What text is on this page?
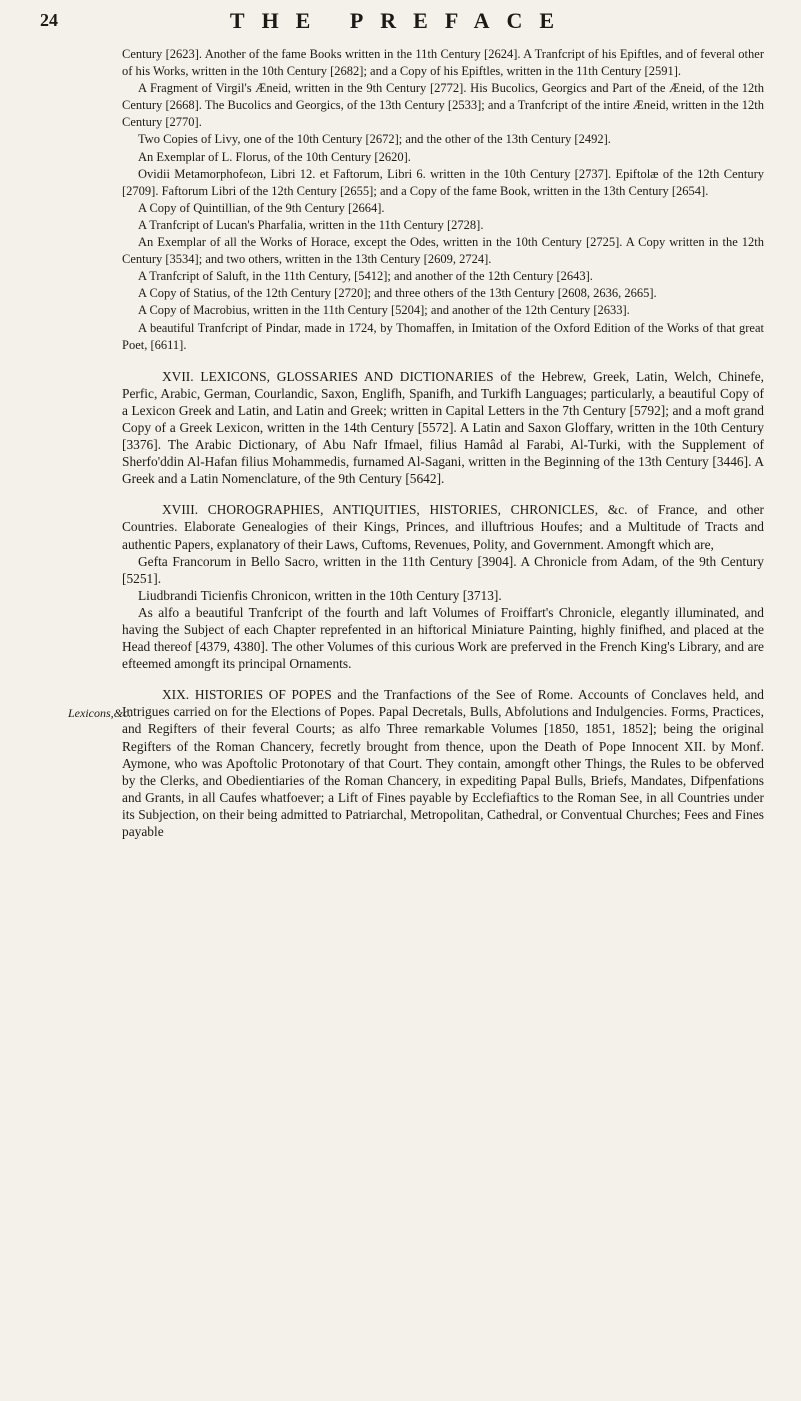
24	THE PREFACE
Lexicons,&c.

Century [2623]. Another of the fame Books written in the 11th Century [2624]. A Tranfcript of his Epiftles, and of feveral other of his Works, written in the 10th Century [2682]; and a Copy of his Epiftles, written in the 11th Century [2591].

A Fragment of Virgil's Æneid, written in the 9th Century [2772]. His Bucolics, Georgics and Part of the Æneid, of the 12th Century [2668]. The Bucolics and Georgics, of the 13th Century [2533]; and a Tranfcript of the intire Æneid, written in the 12th Century [2770].

Two Copies of Livy, one of the 10th Century [2672]; and the other of the 13th Century [2492].

An Exemplar of L. Florus, of the 10th Century [2620].

Ovidii Metamorphofeωn, Libri 12. et Faftorum, Libri 6. written in the 10th Century [2737]. Epiftolæ of the 12th Century [2709]. Faftorum Libri of the 12th Century [2655]; and a Copy of the fame Book, written in the 13th Century [2654].

A Copy of Quintillian, of the 9th Century [2664].

A Tranfcript of Lucan's Pharfalia, written in the 11th Century [2728].

An Exemplar of all the Works of Horace, except the Odes, written in the 10th Century [2725]. A Copy written in the 12th Century [3534]; and two others, written in the 13th Century [2609, 2724].

A Tranfcript of Saluft, in the 11th Century, [5412]; and another of the 12th Century [2643].

A Copy of Statius, of the 12th Century [2720]; and three others of the 13th Century [2608, 2636, 2665].

A Copy of Macrobius, written in the 11th Century [5204]; and another of the 12th Century [2633].

A beautiful Tranfcript of Pindar, made in 1724, by Thomaffen, in Imitation of the Oxford Edition of the Works of that great Poet, [6611].

XVII. LEXICONS, GLOSSARIES AND DICTIONARIES of the Hebrew, Greek, Latin, Welch, Chinefe, Perfic, Arabic, German, Courlandic, Saxon, Englifh, Spanifh, and Turkifh Languages; particularly, a beautiful Copy of a Lexicon Greek and Latin, and Latin and Greek; written in Capital Letters in the 7th Century [5792]; and a moft grand Copy of a Greek Lexicon, written in the 14th Century [5572]. A Latin and Saxon Gloffary, written in the 10th Century [3376]. The Arabic Dictionary, of Abu Nafr Ifmael, filius Hamâd al Farabi, Al-Turki, with the Supplement of Sherfo'ddin Al-Hafan filius Mohammedis, furnamed Al-Sagani, written in the Beginning of the 13th Century [3446]. A Greek and a Latin Nomenclature, of the 9th Century [5642].

XVIII. CHOROGRAPHIES, ANTIQUITIES, HISTORIES, CHRONICLES, &c. of France, and other Countries. Elaborate Genealogies of their Kings, Princes, and illuftrious Houfes; and a Multitude of Tracts and authentic Papers, explanatory of their Laws, Cuftoms, Revenues, Polity, and Government. Amongft which are,

Gefta Francorum in Bello Sacro, written in the 11th Century [3904]. A Chronicle from Adam, of the 9th Century [5251].

Liudbrandi Ticienfis Chronicon, written in the 10th Century [3713].

As alfo a beautiful Tranfcript of the fourth and laft Volumes of Froiffart's Chronicle, elegantly illuminated, and having the Subject of each Chapter reprefented in an hiftorical Miniature Painting, highly finifhed, and placed at the Head thereof [4379, 4380]. The other Volumes of this curious Work are preferved in the French King's Library, and are efteemed amongft its principal Ornaments.

XIX. HISTORIES OF POPES and the Tranfactions of the See of Rome. Accounts of Conclaves held, and Intrigues carried on for the Elections of Popes. Papal Decretals, Bulls, Abfolutions and Indulgencies. Forms, Practices, and Regifters of their feveral Courts; as alfo Three remarkable Volumes [1850, 1851, 1852]; being the original Regifters of the Roman Chancery, fecretly brought from thence, upon the Death of Pope Innocent XII. by Monf. Aymone, who was Apoftolic Protonotary of that Court. They contain, amongft other Things, the Rules to be obferved by the Clerks, and Obedientiaries of the Roman Chancery, in expediting Papal Bulls, Briefs, Mandates, Difpenfations and Grants, in all Caufes whatfoever; a Lift of Fines payable by Ecclefiaftics to the Roman See, in all Countries under its Subjection, on their being admitted to Patriarchal, Metropolitan, Cathedral, or Conventual Churches; Fees and Fines payable
